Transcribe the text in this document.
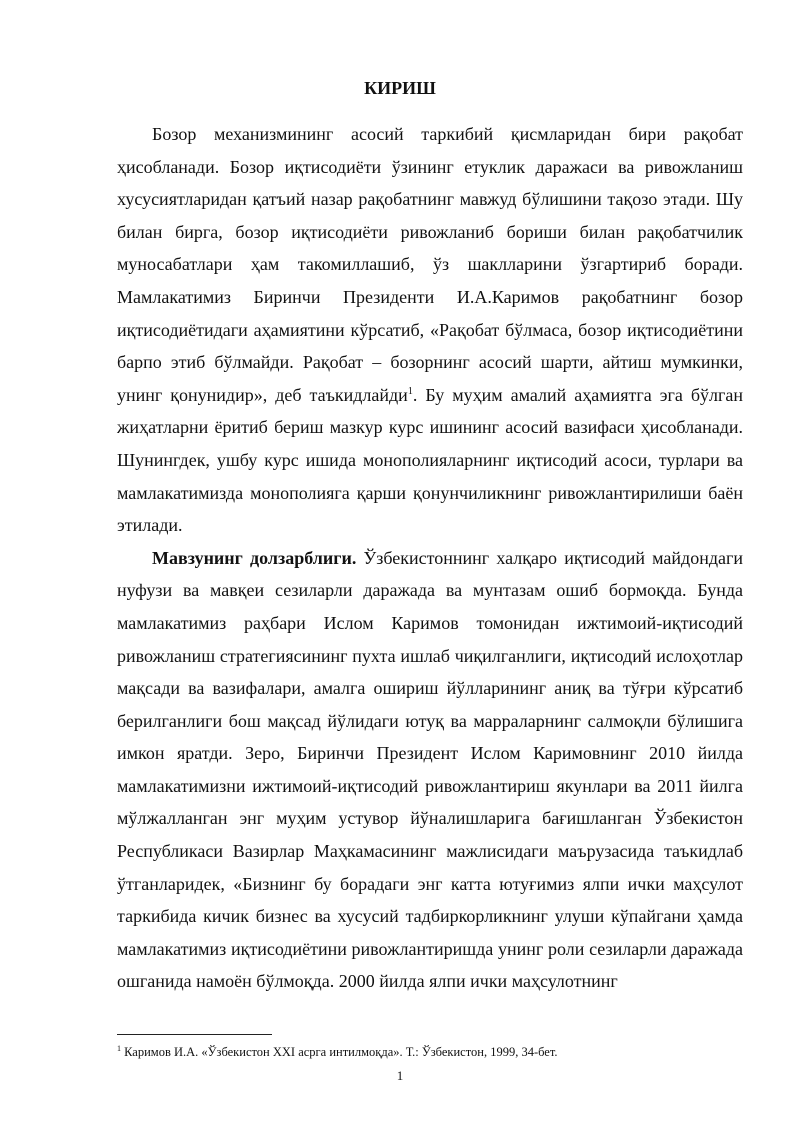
КИРИШ

Бозор механизмининг асосий таркибий қисмларидан бири рақобат ҳисобланади. Бозор иқтисодиёти ўзининг етуклик даражаси ва ривожланиш хусусиятларидан қатъий назар рақобатнинг мавжуд бўлишини тақозо этади. Шу билан бирга, бозор иқтисодиёти ривожланиб бориши билан рақобатчилик муносабатлари ҳам такомиллашиб, ўз шаклларини ўзгартириб боради. Мамлакатимиз Биринчи Президенти И.А.Каримов рақобатнинг бозор иқтисодиётидаги аҳамиятини кўрсатиб, «Рақобат бўлмаса, бозор иқтисодиётини барпо этиб бўлмайди. Рақобат – бозорнинг асосий шарти, айтиш мумкинки, унинг қонунидир», деб таъкидлайди$^1$. Бу муҳим амалий аҳамиятга эга бўлган жиҳатларни ёритиб бериш мазкур курс ишининг асосий вазифаси ҳисобланади. Шунингдек, ушбу курс ишида монополияларнинг иқтисодий асоси, турлари ва мамлакатимизда монополияга қарши қонунчиликнинг ривожлантирилиши баён этилади.

Мавзунинг долзарблиги. Ўзбекистоннинг халқаро иқтисодий майдондаги нуфузи ва мавқеи сезиларли даражада ва мунтазам ошиб бормоқда. Бунда мамлакатимиз раҳбари Ислом Каримов томонидан ижтимоий-иқтисодий ривожланиш стратегиясининг пухта ишлаб чиқилганлиги, иқтисодий ислоҳотлар мақсади ва вазифалари, амалга ошириш йўлларининг аниқ ва тўғри кўрсатиб берилганлиги бош мақсад йўлидаги ютуқ ва марраларнинг салмоқли бўлишига имкон яратди. Зеро, Биринчи Президент Ислом Каримовнинг 2010 йилда мамлакатимизни ижтимоий-иқтисодий ривожлантириш якунлари ва 2011 йилга мўлжалланган энг муҳим устувор йўналишларига бағишланган Ўзбекистон Республикаси Вазирлар Маҳкамасининг мажлисидаги маърузасида таъкидлаб ўтганларидек, «Бизнинг бу борадаги энг катта ютуғимиз ялпи ички маҳсулот таркибида кичик бизнес ва хусусий тадбиркорликнинг улуши кўпайгани ҳамда мамлакатимиз иқтисодиётини ривожлантиришда унинг роли сезиларли даражада ошганида намоён бўлмоқда. 2000 йилда ялпи ички маҳсулотнинг

$^1$ Каримов И.А. «Ўзбекистон XXI асрга интилмоқда». Т.: Ўзбекистон, 1999, 34-бет.
1
